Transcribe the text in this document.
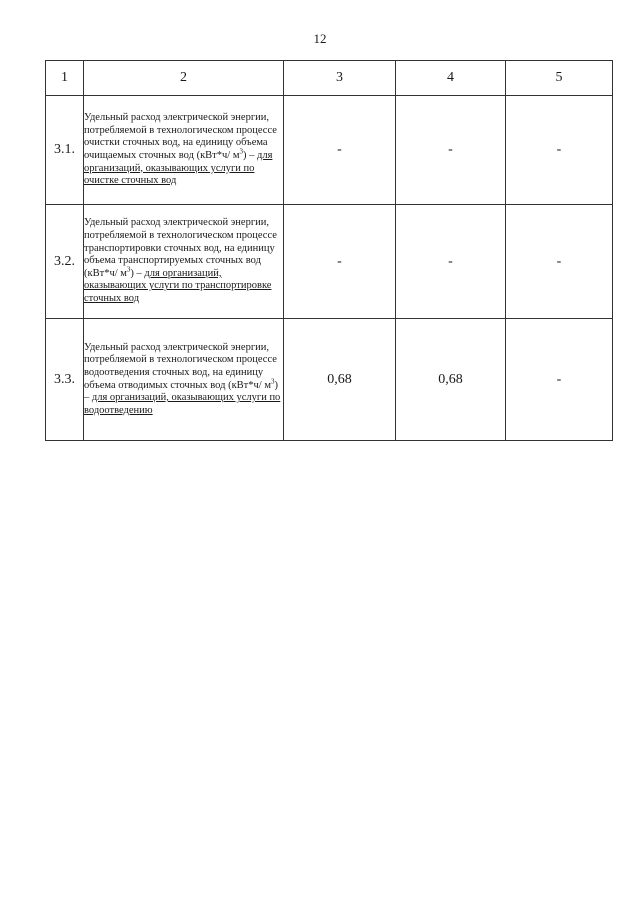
12
1	2	3	4	5
3.1.	Удельный расход электрической энергии, потребляемой в технологическом процессе очистки сточных вод, на единицу объема очищаемых сточных вод (кВт*ч/ $м^3$) – для организаций, оказывающих услуги по очистке сточных вод	-	-	-
3.2.	Удельный расход электрической энергии, потребляемой в технологическом процессе транспортировки сточных вод, на единицу объема транспортируемых сточных вод (кВт*ч/ $м^3$) – для организаций, оказывающих услуги по транспортировке сточных вод	-	-	-
3.3.	Удельный расход электрической энергии, потребляемой в технологическом процессе водоотведения сточных вод, на единицу объема отводимых сточных вод (кВт*ч/ $м^3$) – для организаций, оказывающих услуги по водоотведению	0,68	0,68	-
